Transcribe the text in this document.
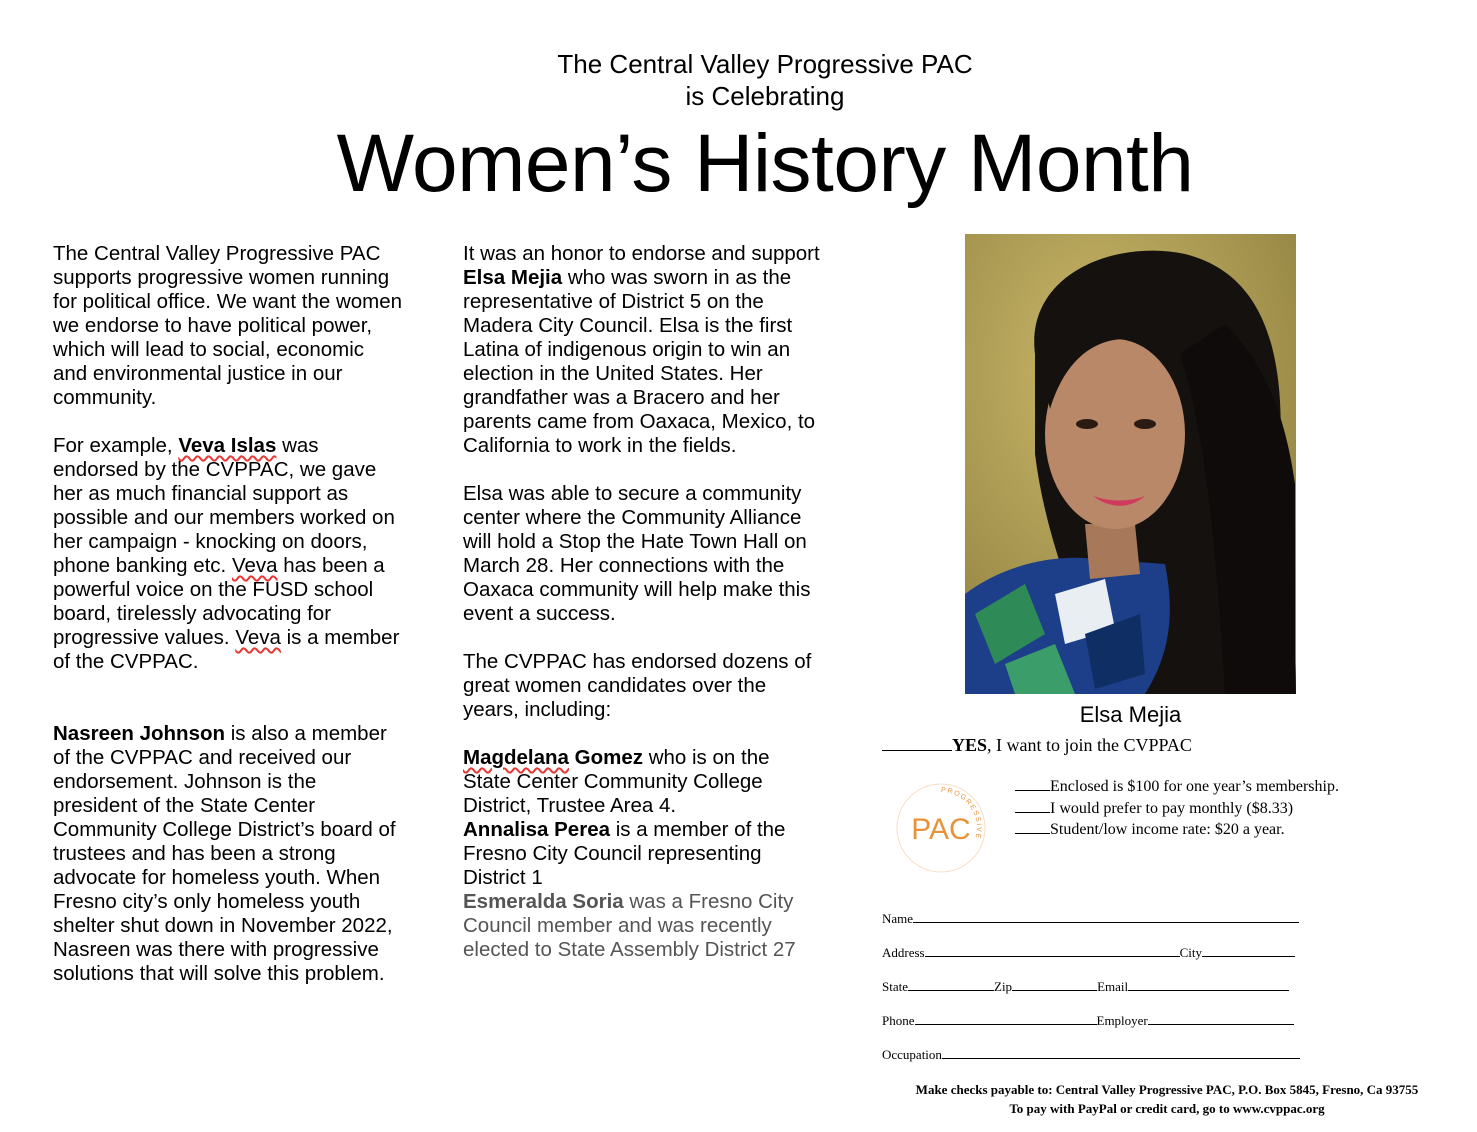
The Central Valley Progressive PAC
is Celebrating
Women’s History Month

The Central Valley Progressive PAC supports progressive women running for political office. We want the women we endorse to have political power, which will lead to social, economic and environmental justice in our community.

For example, Veva Islas was endorsed by the CVPPAC, we gave her as much financial support as possible and our members worked on her campaign - knocking on doors, phone banking etc. Veva has been a powerful voice on the FUSD school board, tirelessly advocating for progressive values. Veva is a member of the CVPPAC.

Nasreen Johnson is also a member of the CVPPAC and received our endorsement. Johnson is the president of the State Center Community College District’s board of trustees and has been a strong advocate for homeless youth. When Fresno city’s only homeless youth shelter shut down in November 2022, Nasreen was there with progressive solutions that will solve this problem.

It was an honor to endorse and support Elsa Mejia who was sworn in as the representative of District 5 on the Madera City Council. Elsa is the first Latina of indigenous origin to win an election in the United States. Her grandfather was a Bracero and her parents came from Oaxaca, Mexico, to California to work in the fields.

Elsa was able to secure a community center where the Community Alliance will hold a Stop the Hate Town Hall on March 28. Her connections with the Oaxaca community will help make this event a success.

The CVPPAC has endorsed dozens of great women candidates over the years, including:

Magdelana Gomez who is on the State Center Community College District, Trustee Area 4.
Annalisa Perea is a member of the Fresno City Council representing District 1
Esmeralda Soria was a Fresno City Council member and was recently elected to State Assembly District 27
Elsa Mejia
YES, I want to join the CVPPAC
PROGRESSIVE
PAC
Enclosed is $100 for one year’s membership.
I would prefer to pay monthly ($8.33)
Student/low income rate: $20 a year.
Name
Address	City
State	Zip	Email
Phone	Employer
Occupation
Make checks payable to: Central Valley Progressive PAC, P.O. Box 5845, Fresno, Ca 93755
To pay with PayPal or credit card, go to www.cvppac.org
